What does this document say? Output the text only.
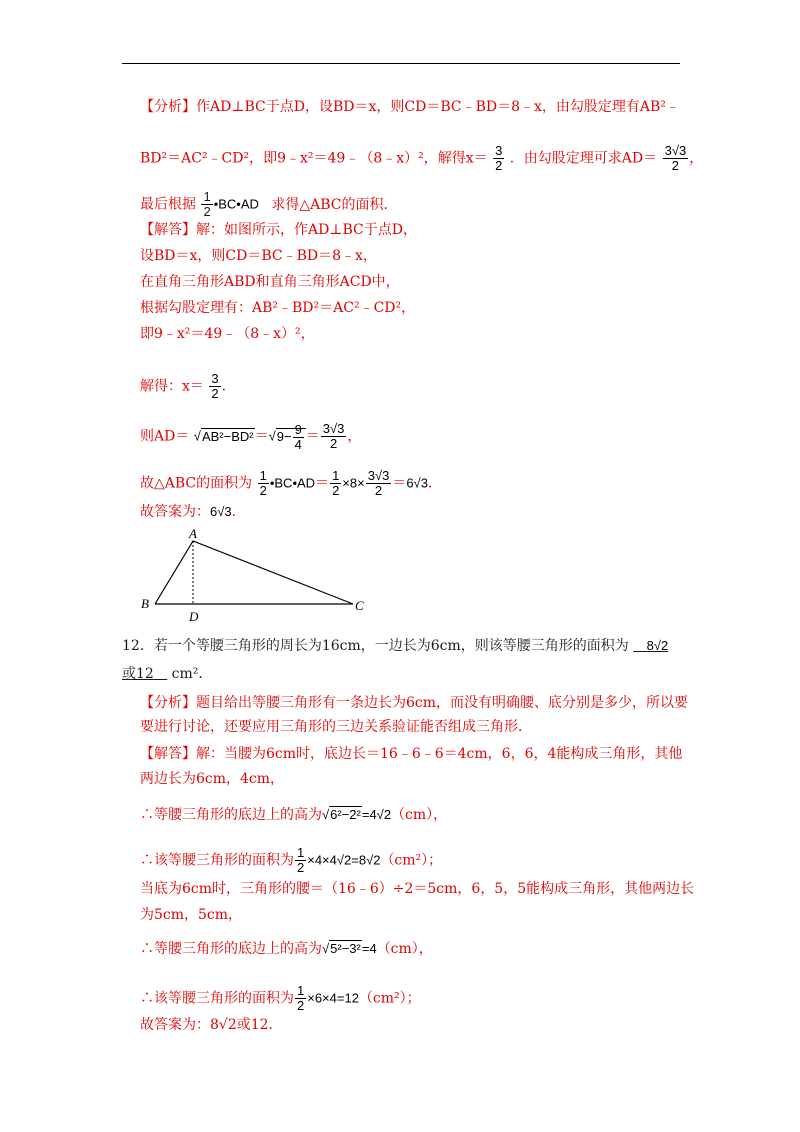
【分析】作AD⊥BC于点D，设BD＝x，则CD＝BC﹣BD＝8﹣x，由勾股定理有AB²﹣
BD²＝AC²﹣CD²，即9﹣x²＝49﹣（8﹣x）²，解得$x= \frac{3}{2}$ ．由勾股定理可求$AD= \frac{3√3}{2}$ ，
最后根据 $\frac{1}{2}$ •BC•AD 求得△ABC的面积．
【解答】解：如图所示，作AD⊥BC于点D，
设BD＝x，则CD＝BC﹣BD＝8﹣x，
在直角三角形ABD和直角三角形ACD中，
根据勾股定理有：AB²﹣BD²＝AC²﹣CD²，
即9﹣x²＝49﹣（8﹣x）²，
解得：$x= \frac{3}{2}$ ．
则$AD= √AB^2-BD^2=√9- \frac{9}{4} = \frac{3√3}{2}$ ，
故△ABC的面积为 $\frac{1}{2}$ •BC•AD＝ $\frac{1}{2} \times 8\times \frac{3√3}{2} =6√3$．
故答案为：6√3．
A
B
D
C
12．若一个等腰三角形的周长为16cm，一边长为6cm，则该等腰三角形的面积为 8√2
或12 cm²．
【分析】题目给出等腰三角形有一条边长为6cm，而没有明确腰、底分别是多少，所以要
要进行讨论，还要应用三角形的三边关系验证能否组成三角形．
【解答】解：当腰为6cm时，底边长＝16﹣6﹣6＝4cm，6，6，4能构成三角形，其他
两边长为6cm，4cm，
∴等腰三角形的底边上的高为√6²−2²=4√2（cm），
∴该等腰三角形的面积为 $\frac{1}{2} \times 4\times 4√2=8√2(cm^2)$；
当底为6cm时，三角形的腰＝（16﹣6）÷2＝5cm，6，5，5能构成三角形，其他两边长
为5cm，5cm，
∴等腰三角形的底边上的高为√5²−3²=4（cm），
∴该等腰三角形的面积为 $\frac{1}{2} \times 6\times 4=12(cm^2)$；
故答案为：8√2或12．
